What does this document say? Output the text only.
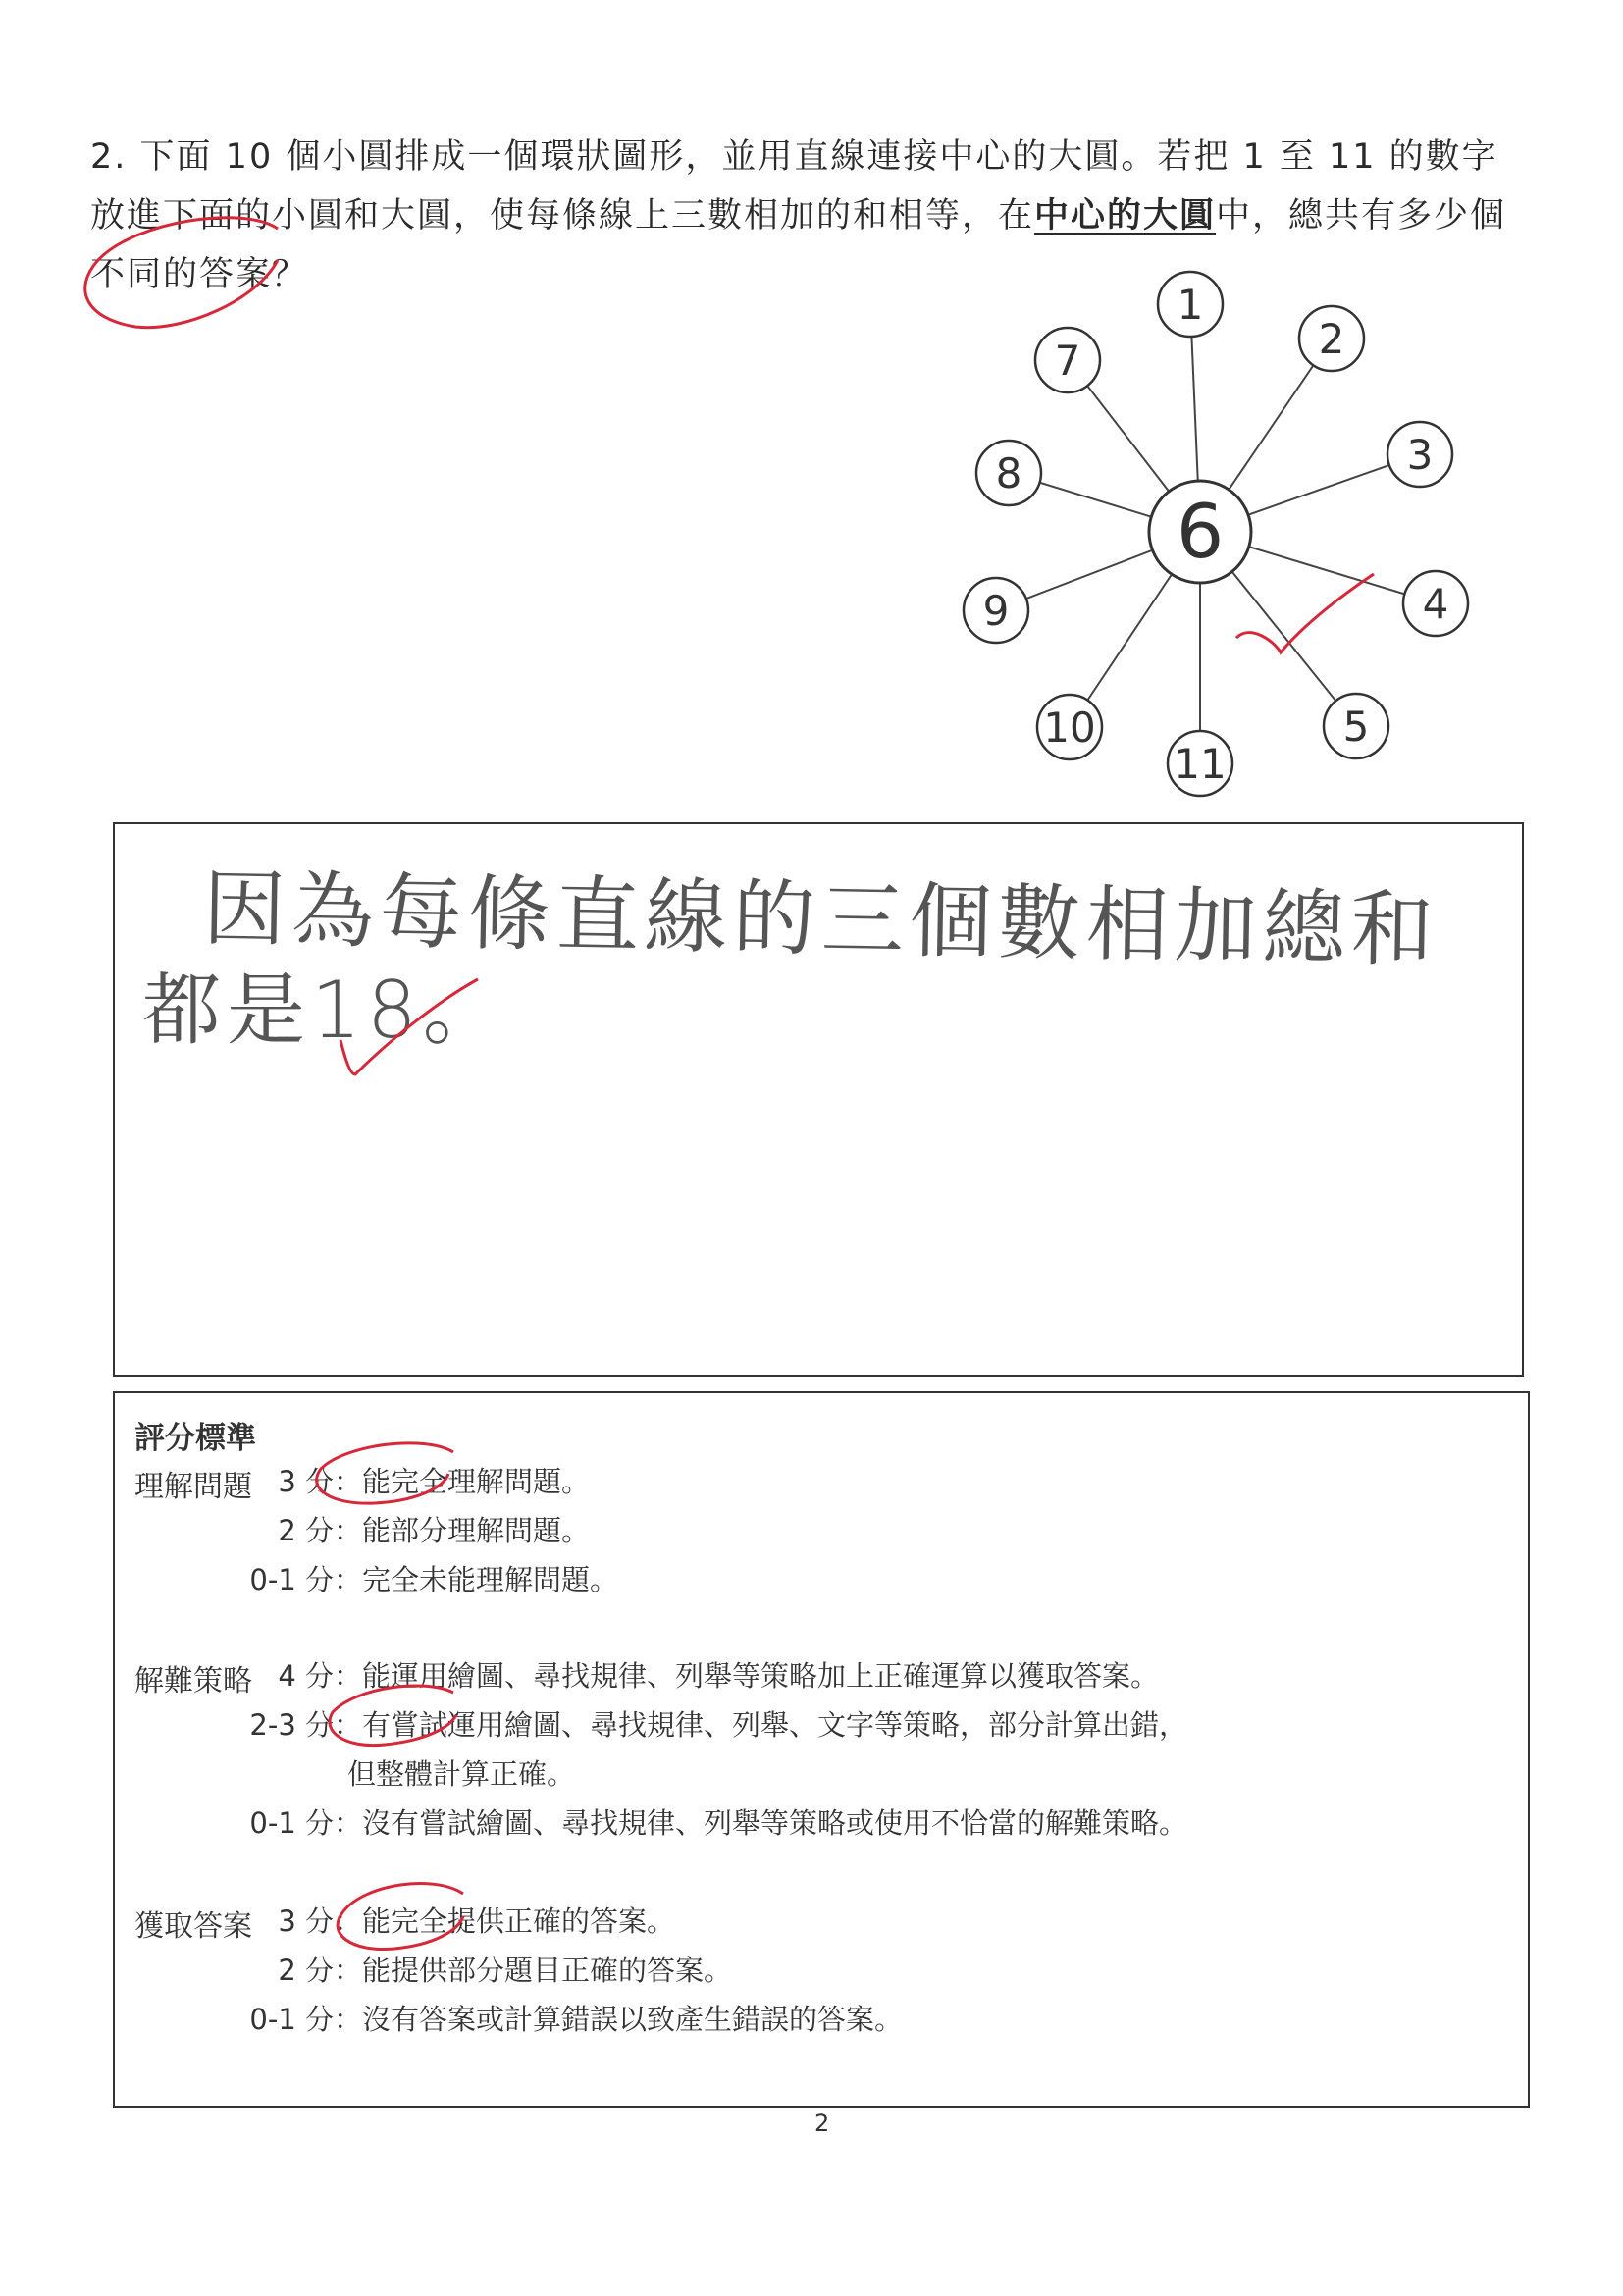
2. 下面 10 個小圓排成一個環狀圖形，並用直線連接中心的大圓。若把 1 至 11 的數字放進下面的小圓和大圓，使每條線上三數相加的和相等，在中心的大圓中，總共有多少個不同的答案？
1
2
3
4
5
11
10
9
8
7
6
因為每條直線的三個數相加總和
都是18。
評分標準
理解問題 3 分：能完全理解問題。
2 分：能部分理解問題。
0-1 分：完全未能理解問題。
解難策略 4 分：能運用繪圖、尋找規律、列舉等策略加上正確運算以獲取答案。
2-3 分：有嘗試運用繪圖、尋找規律、列舉、文字等策略，部分計算出錯，
但整體計算正確。
0-1 分：沒有嘗試繪圖、尋找規律、列舉等策略或使用不恰當的解難策略。
獲取答案 3 分：能完全提供正確的答案。
2 分：能提供部分題目正確的答案。
0-1 分：沒有答案或計算錯誤以致產生錯誤的答案。
2
